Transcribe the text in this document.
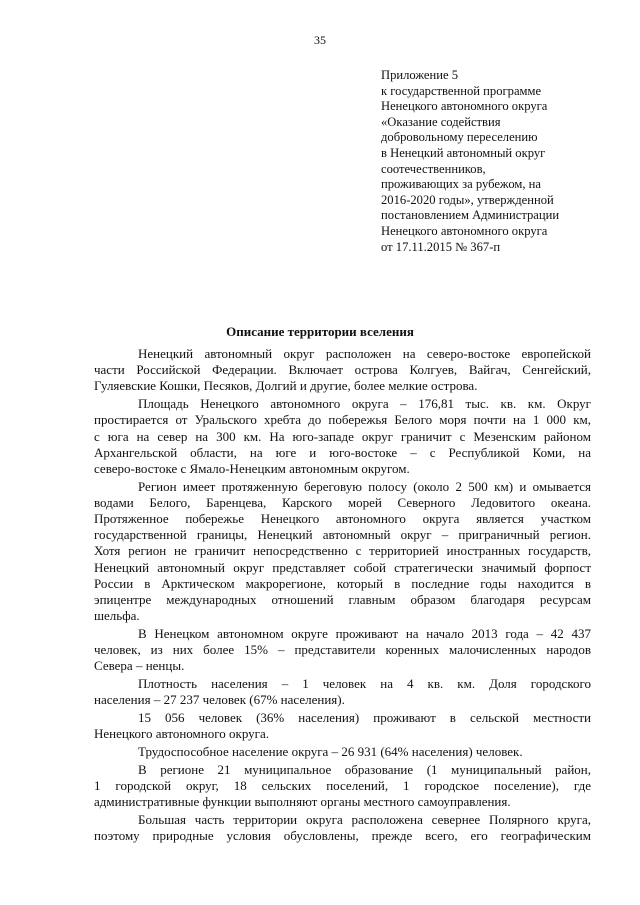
35
Приложение 5
к государственной программе
Ненецкого автономного округа
«Оказание содействия
добровольному переселению
в Ненецкий автономный округ
соотечественников,
проживающих за рубежом, на
2016-2020 годы», утвержденной
постановлением Администрации
Ненецкого автономного округа
от 17.11.2015 № 367-п
Описание территории вселения
Ненецкий автономный округ расположен на северо-востоке европейской
части Российской Федерации. Включает острова Колгуев, Вайгач, Сенгейский,
Гуляевские Кошки, Песяков, Долгий и другие, более мелкие острова.
Площадь Ненецкого автономного округа – 176,81 тыс. кв. км. Округ
простирается от Уральского хребта до побережья Белого моря почти на 1 000 км,
с юга на север на 300 км. На юго-западе округ граничит с Мезенским районом
Архангельской области, на юге и юго-востоке – с Республикой Коми, на
северо-востоке с Ямало-Ненецким автономным округом.
Регион имеет протяженную береговую полосу (около 2 500 км) и омывается
водами Белого, Баренцева, Карского морей Северного Ледовитого океана.
Протяженное побережье Ненецкого автономного округа является участком
государственной границы, Ненецкий автономный округ – приграничный регион.
Хотя регион не граничит непосредственно с территорией иностранных государств,
Ненецкий автономный округ представляет собой стратегически значимый форпост
России в Арктическом макрорегионе, который в последние годы находится в
эпицентре международных отношений главным образом благодаря ресурсам
шельфа.
В Ненецком автономном округе проживают на начало 2013 года – 42 437
человек, из них более 15% – представители коренных малочисленных народов
Севера – ненцы.
Плотность населения – 1 человек на 4 кв. км. Доля городского
населения – 27 237 человек (67% населения).
15 056 человек (36% населения) проживают в сельской местности
Ненецкого автономного округа.
Трудоспособное население округа – 26 931 (64% населения) человек.
В регионе 21 муниципальное образование (1 муниципальный район,
1 городской округ, 18 сельских поселений, 1 городское поселение), где
административные функции выполняют органы местного самоуправления.
Большая часть территории округа расположена севернее Полярного круга,
поэтому природные условия обусловлены, прежде всего, его географическим
